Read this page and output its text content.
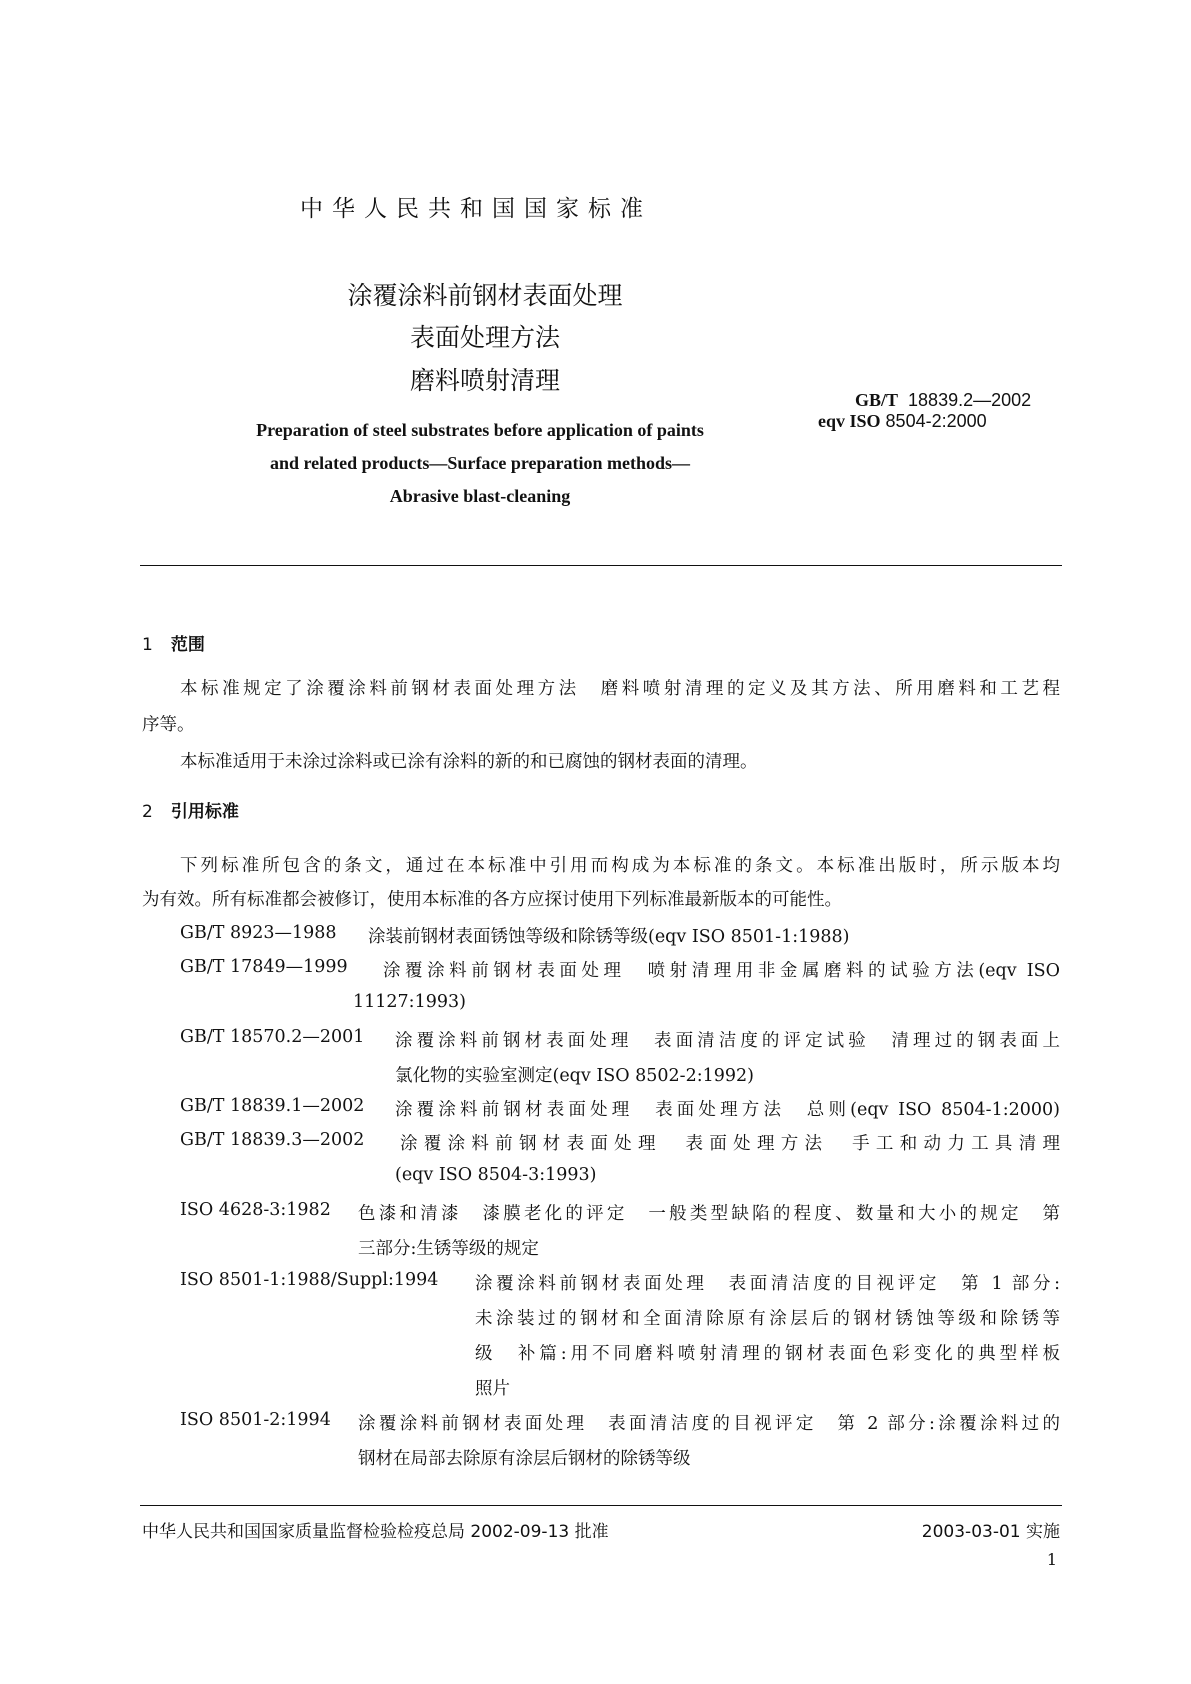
中华人民共和国国家标准
涂覆涂料前钢材表面处理
表面处理方法
磨料喷射清理
GB/T 18839.2—2002
eqv ISO 8504-2:2000
Preparation of steel substrates before application of paints
and related products—Surface preparation methods—
Abrasive blast-cleaning
1 范围
本标准规定了涂覆涂料前钢材表面处理方法　磨料喷射清理的定义及其方法、所用磨料和工艺程
序等。
本标准适用于未涂过涂料或已涂有涂料的新的和已腐蚀的钢材表面的清理。
2 引用标准
下列标准所包含的条文，通过在本标准中引用而构成为本标准的条文。本标准出版时，所示版本均
为有效。所有标准都会被修订，使用本标准的各方应探讨使用下列标准最新版本的可能性。
GB/T 8923—1988 涂装前钢材表面锈蚀等级和除锈等级(eqv ISO 8501-1:1988)
GB/T 17849—1999 涂覆涂料前钢材表面处理　喷射清理用非金属磨料的试验方法(eqv ISO
11127:1993)
GB/T 18570.2—2001 涂覆涂料前钢材表面处理　表面清洁度的评定试验　清理过的钢表面上
氯化物的实验室测定(eqv ISO 8502-2:1992)
GB/T 18839.1—2002 涂覆涂料前钢材表面处理　表面处理方法　总则(eqv ISO 8504-1:2000)
GB/T 18839.3—2002 涂覆涂料前钢材表面处理　表面处理方法　手工和动力工具清理
(eqv ISO 8504-3:1993)
ISO 4628-3:1982 色漆和清漆　漆膜老化的评定　一般类型缺陷的程度、数量和大小的规定　第
三部分:生锈等级的规定
ISO 8501-1:1988/Suppl:1994 涂覆涂料前钢材表面处理　表面清洁度的目视评定　第 1 部分:
未涂装过的钢材和全面清除原有涂层后的钢材锈蚀等级和除锈等
级　补篇:用不同磨料喷射清理的钢材表面色彩变化的典型样板
照片
ISO 8501-2:1994 涂覆涂料前钢材表面处理　表面清洁度的目视评定　第 2 部分:涂覆涂料过的
钢材在局部去除原有涂层后钢材的除锈等级
中华人民共和国国家质量监督检验检疫总局 2002-09-13 批准	2003-03-01 实施
1
